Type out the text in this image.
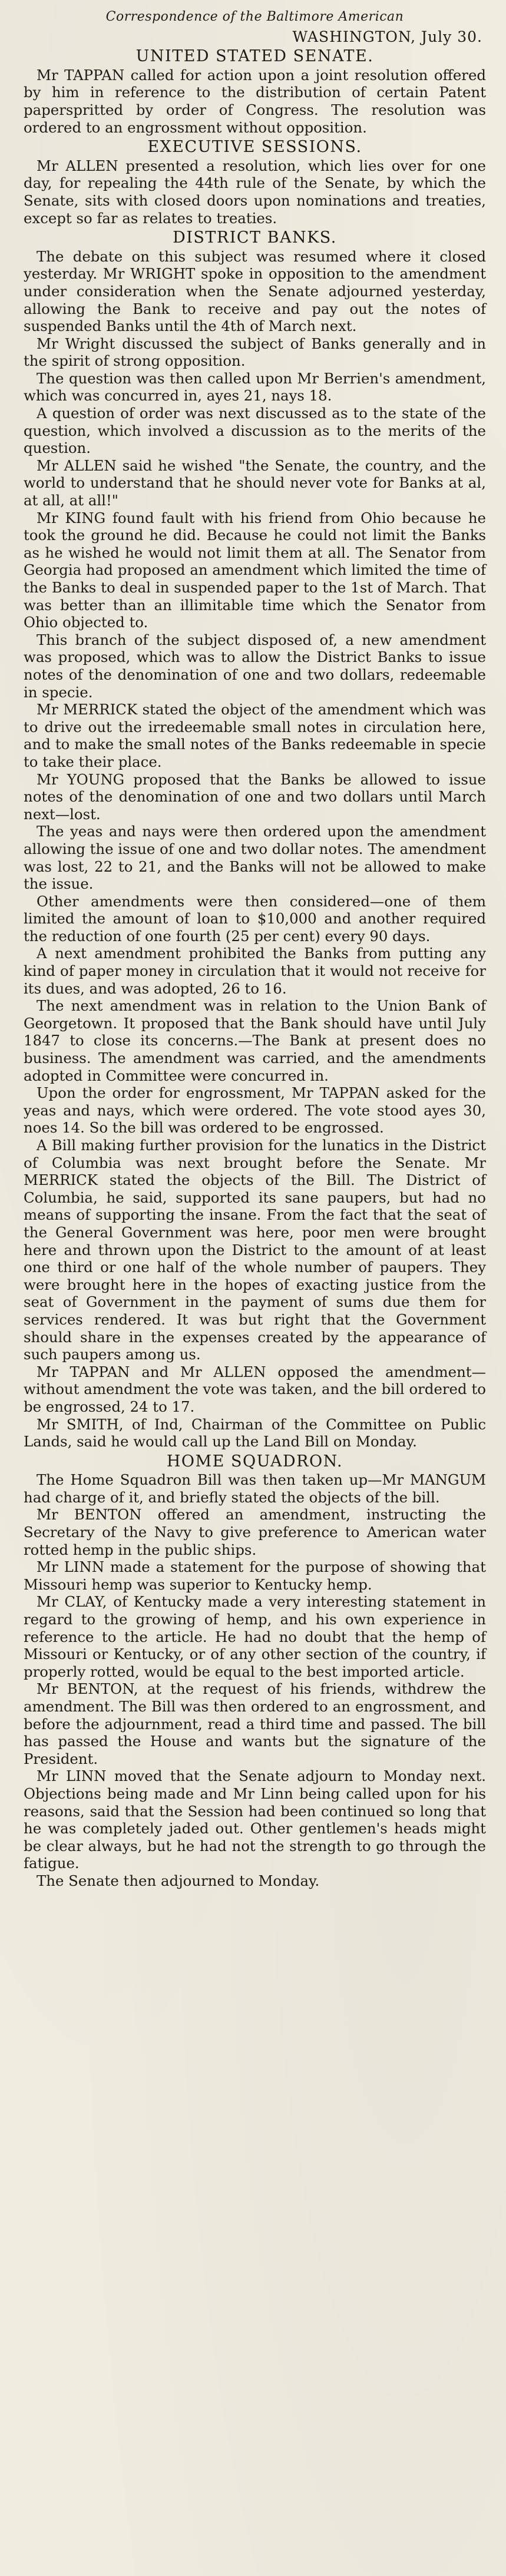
Correspondence of the Baltimore American
WASHINGTON, July 30.
UNITED STATED SENATE.

Mr TAPPAN called for action upon a joint resolution offered by him in reference to the distribution of certain Patent paperspritted by order of Congress. The resolution was ordered to an engrossment without opposition.

EXECUTIVE SESSIONS.

Mr ALLEN presented a resolution, which lies over for one day, for repealing the 44th rule of the Senate, by which the Senate, sits with closed doors upon nominations and treaties, except so far as relates to treaties.

DISTRICT BANKS.

The debate on this subject was resumed where it closed yesterday. Mr WRIGHT spoke in opposition to the amendment under consideration when the Senate adjourned yesterday, allowing the Bank to receive and pay out the notes of suspended Banks until the 4th of March next.

Mr Wright discussed the subject of Banks generally and in the spirit of strong opposition.

The question was then called upon Mr Berrien's amendment, which was concurred in, ayes 21, nays 18.

A question of order was next discussed as to the state of the question, which involved a discussion as to the merits of the question.

Mr ALLEN said he wished "the Senate, the country, and the world to understand that he should never vote for Banks at al, at all, at all!"

Mr KING found fault with his friend from Ohio because he took the ground he did. Because he could not limit the Banks as he wished he would not limit them at all. The Senator from Georgia had proposed an amendment which limited the time of the Banks to deal in suspended paper to the 1st of March. That was better than an illimitable time which the Senator from Ohio objected to.

This branch of the subject disposed of, a new amendment was proposed, which was to allow the District Banks to issue notes of the denomination of one and two dollars, redeemable in specie.

Mr MERRICK stated the object of the amendment which was to drive out the irredeemable small notes in circulation here, and to make the small notes of the Banks redeemable in specie to take their place.

Mr YOUNG proposed that the Banks be allowed to issue notes of the denomination of one and two dollars until March next—lost.

The yeas and nays were then ordered upon the amendment allowing the issue of one and two dollar notes. The amendment was lost, 22 to 21, and the Banks will not be allowed to make the issue.

Other amendments were then considered—one of them limited the amount of loan to $10,000 and another required the reduction of one fourth (25 per cent) every 90 days.

A next amendment prohibited the Banks from putting any kind of paper money in circulation that it would not receive for its dues, and was adopted, 26 to 16.

The next amendment was in relation to the Union Bank of Georgetown. It proposed that the Bank should have until July 1847 to close its concerns.—The Bank at present does no business. The amendment was carried, and the amendments adopted in Committee were concurred in.

Upon the order for engrossment, Mr TAPPAN asked for the yeas and nays, which were ordered. The vote stood ayes 30, noes 14. So the bill was ordered to be engrossed.

A Bill making further provision for the lunatics in the District of Columbia was next brought before the Senate. Mr MERRICK stated the objects of the Bill. The District of Columbia, he said, supported its sane paupers, but had no means of supporting the insane. From the fact that the seat of the General Government was here, poor men were brought here and thrown upon the District to the amount of at least one third or one half of the whole number of paupers. They were brought here in the hopes of exacting justice from the seat of Government in the payment of sums due them for services rendered. It was but right that the Government should share in the expenses created by the appearance of such paupers among us.

Mr TAPPAN and Mr ALLEN opposed the amendment—without amendment the vote was taken, and the bill ordered to be engrossed, 24 to 17.

Mr SMITH, of Ind, Chairman of the Committee on Public Lands, said he would call up the Land Bill on Monday.

HOME SQUADRON.

The Home Squadron Bill was then taken up—Mr MANGUM had charge of it, and briefly stated the objects of the bill.

Mr BENTON offered an amendment, instructing the Secretary of the Navy to give preference to American water rotted hemp in the public ships.

Mr LINN made a statement for the purpose of showing that Missouri hemp was superior to Kentucky hemp.

Mr CLAY, of Kentucky made a very interesting statement in regard to the growing of hemp, and his own experience in reference to the article. He had no doubt that the hemp of Missouri or Kentucky, or of any other section of the country, if properly rotted, would be equal to the best imported article.

Mr BENTON, at the request of his friends, withdrew the amendment. The Bill was then ordered to an engrossment, and before the adjournment, read a third time and passed. The bill has passed the House and wants but the signature of the President.

Mr LINN moved that the Senate adjourn to Monday next. Objections being made and Mr Linn being called upon for his reasons, said that the Session had been continued so long that he was completely jaded out. Other gentlemen's heads might be clear always, but he had not the strength to go through the fatigue.

The Senate then adjourned to Monday.
